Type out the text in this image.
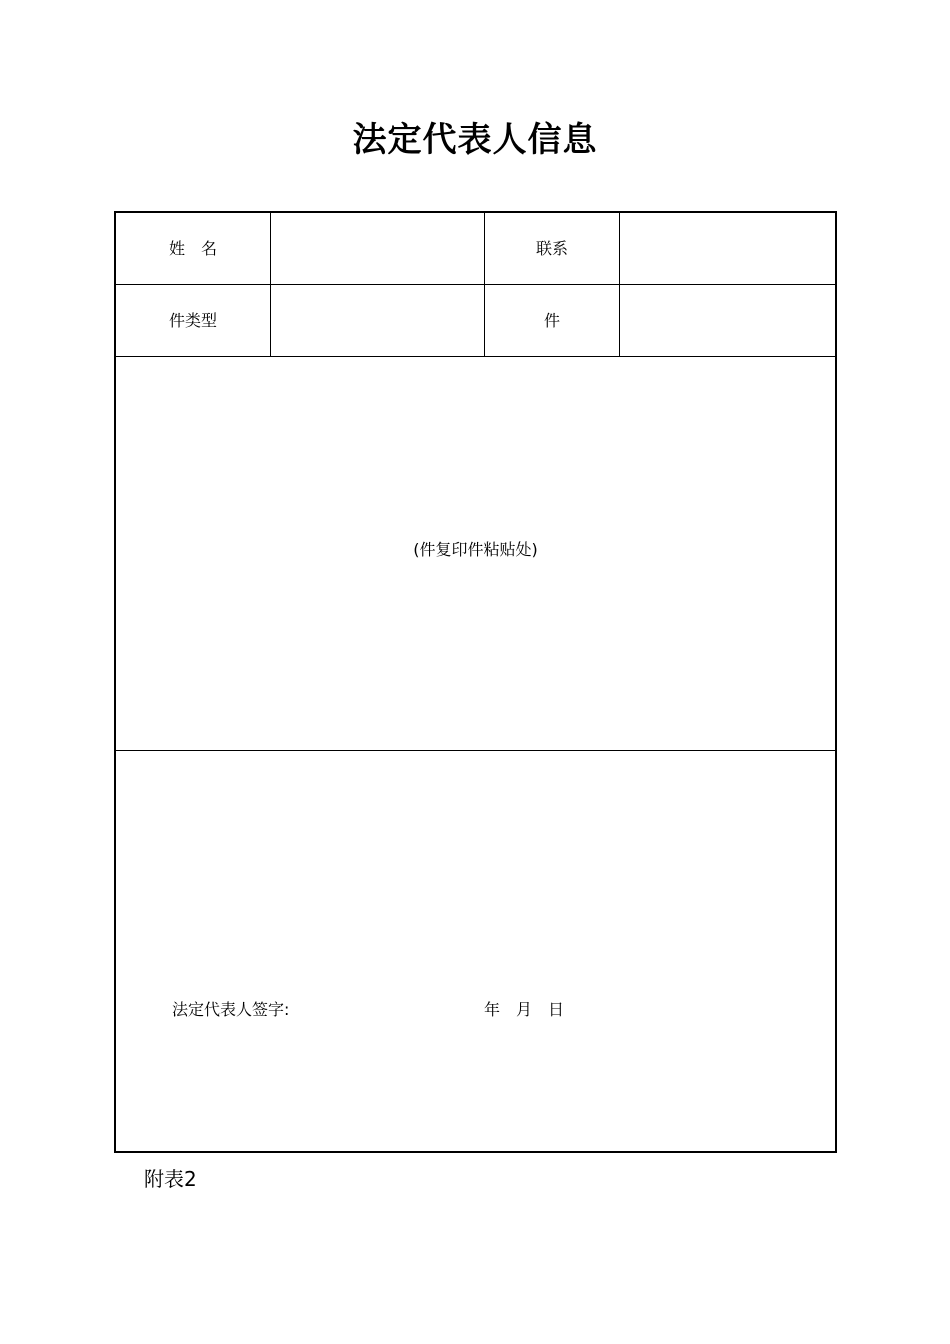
法定代表人信息
姓　名	联系
件类型	件
(件复印件粘贴处)
法定代表人签字:	年　月　日
附表2
